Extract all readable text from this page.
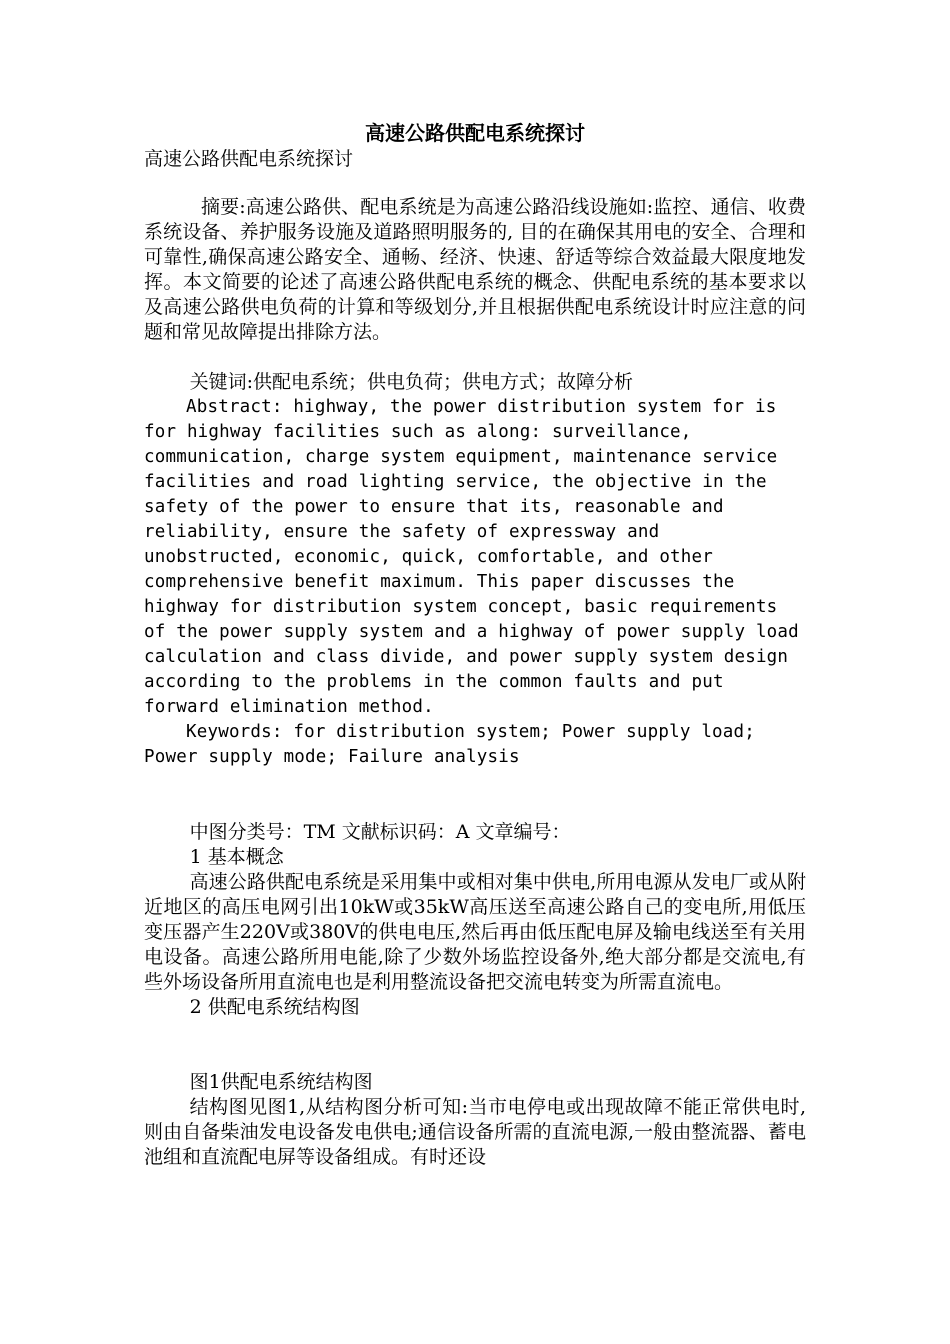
高速公路供配电系统探讨
高速公路供配电系统探讨

摘要:高速公路供、配电系统是为高速公路沿线设施如:监控、通信、收费系统设备、养护服务设施及道路照明服务的, 目的在确保其用电的安全、合理和可靠性,确保高速公路安全、通畅、经济、快速、舒适等综合效益最大限度地发挥。本文简要的论述了高速公路供配电系统的概念、供配电系统的基本要求以及高速公路供电负荷的计算和等级划分,并且根据供配电系统设计时应注意的问题和常见故障提出排除方法。

关键词:供配电系统；供电负荷；供电方式；故障分析

Abstract: highway, the power distribution system for is for highway facilities such as along: surveillance, communication, charge system equipment, maintenance service facilities and road lighting service, the objective in the safety of the power to ensure that its, reasonable and reliability, ensure the safety of expressway and unobstructed, economic, quick, comfortable, and other comprehensive benefit maximum. This paper discusses the highway for distribution system concept, basic requirements of the power supply system and a highway of power supply load calculation and class divide, and power supply system design according to the problems in the common faults and put forward elimination method.

Keywords: for distribution system; Power supply load; Power supply mode; Failure analysis

中图分类号：TM 文献标识码：A 文章编号：

1 基本概念

高速公路供配电系统是采用集中或相对集中供电,所用电源从发电厂或从附近地区的高压电网引出10kW或35kW高压送至高速公路自己的变电所,用低压变压器产生220V或380V的供电电压,然后再由低压配电屏及输电线送至有关用电设备。高速公路所用电能,除了少数外场监控设备外,绝大部分都是交流电,有些外场设备所用直流电也是利用整流设备把交流电转变为所需直流电。

2 供配电系统结构图

图1供配电系统结构图

结构图见图1,从结构图分析可知:当市电停电或出现故障不能正常供电时,则由自备柴油发电设备发电供电;通信设备所需的直流电源,一般由整流器、蓄电池组和直流配电屏等设备组成。有时还设
